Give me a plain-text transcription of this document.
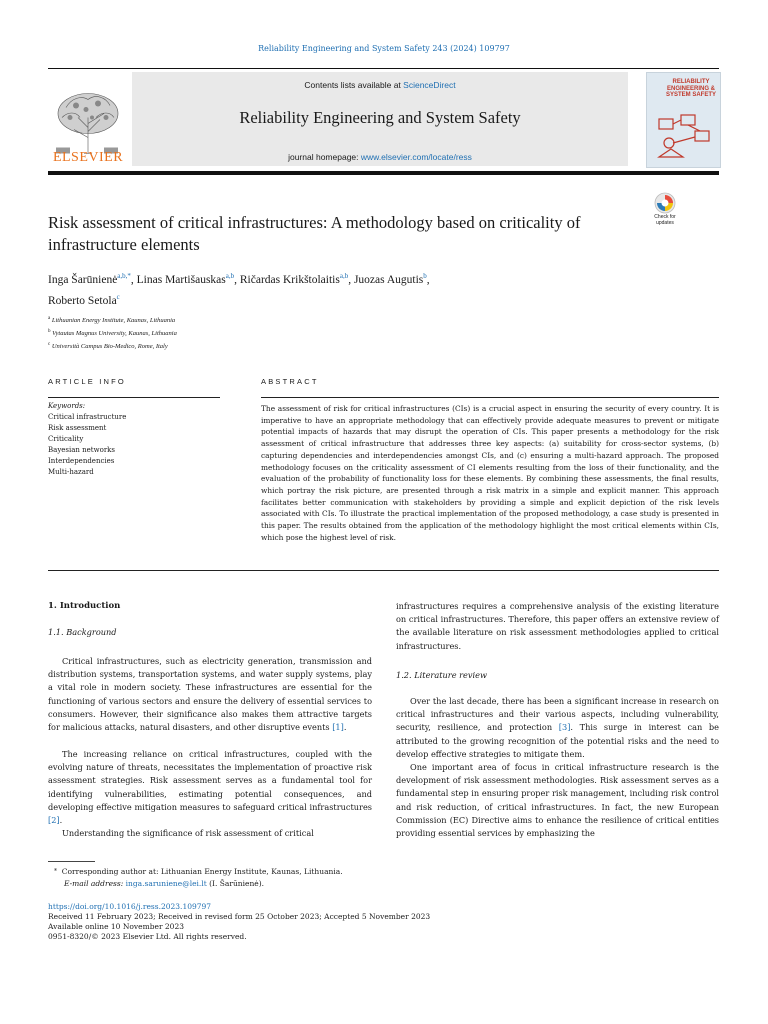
Reliability Engineering and System Safety 243 (2024) 109797
ELSEVIER
Contents lists available at ScienceDirect
Reliability Engineering and System Safety
journal homepage: www.elsevier.com/locate/ress
RELIABILITY ENGINEERING & SYSTEM SAFETY
Risk assessment of critical infrastructures: A methodology based on criticality of infrastructure elements
Check for updates
Inga Šarūnienė$^{a,b,*}$, Linas Martišauskas$^{a,b}$, Ričardas Krikštolaitis$^{a,b}$, Juozas Augutis$^b$,
Roberto Setola$^c$
$^a$ Lithuanian Energy Institute, Kaunas, Lithuania
$^b$ Vytautas Magnus University, Kaunas, Lithuania
$^c$ Università Campus Bio-Medico, Rome, Italy
ARTICLE INFO
Keywords:
Critical infrastructure
Risk assessment
Criticality
Bayesian networks
Interdependencies
Multi-hazard
ABSTRACT
The assessment of risk for critical infrastructures (CIs) is a crucial aspect in ensuring the security of every country. It is imperative to have an appropriate methodology that can effectively provide adequate measures to prevent or mitigate potential impacts of hazards that may disrupt the operation of CIs. This paper presents a methodology for the risk assessment of critical infrastructure that addresses three key aspects: (a) suitability for cross-sector systems, (b) capturing dependencies and interdependencies amongst CIs, and (c) ensuring a multi-hazard approach. The proposed methodology focuses on the criticality assessment of CI elements resulting from the loss of their functionality, and the evaluation of the probability of functionality loss for these elements. By combining these assessments, the final results, which portray the risk picture, are presented through a risk matrix in a simple and explicit manner. This approach facilitates better communication with stakeholders by providing a simple and explicit depiction of the risk levels associated with CIs. To illustrate the practical implementation of the proposed methodology, a case study is presented in this paper. The results obtained from the application of the methodology highlight the most critical elements within CIs, which pose the highest level of risk.
1. Introduction
1.1. Background
Critical infrastructures, such as electricity generation, transmission and distribution systems, transportation systems, and water supply systems, play a vital role in modern society. These infrastructures are essential for the functioning of various sectors and ensure the delivery of essential services to consumers. However, their significance also makes them attractive targets for malicious attacks, natural disasters, and other disruptive events [1].
The increasing reliance on critical infrastructures, coupled with the evolving nature of threats, necessitates the implementation of proactive risk assessment strategies. Risk assessment serves as a fundamental tool for identifying vulnerabilities, estimating potential consequences, and developing effective mitigation measures to safeguard critical infrastructures [2].
Understanding the significance of risk assessment of critical
infrastructures requires a comprehensive analysis of the existing literature on critical infrastructures. Therefore, this paper offers an extensive review of the available literature on risk assessment methodologies applied to critical infrastructures.
1.2. Literature review
Over the last decade, there has been a significant increase in research on critical infrastructures and their various aspects, including vulnerability, security, resilience, and protection [3]. This surge in interest can be attributed to the growing recognition of the potential risks and the need to develop effective strategies to mitigate them.
One important area of focus in critical infrastructure research is the development of risk assessment methodologies. Risk assessment serves as a fundamental step in ensuring proper risk management, including risk control and risk reduction, of critical infrastructures. In fact, the new European Commission (EC) Directive aims to enhance the resilience of critical entities providing essential services by emphasizing the
* Corresponding author at: Lithuanian Energy Institute, Kaunas, Lithuania.
E-mail address: inga.saruniene@lei.lt (I. Šarūnienė).
https://doi.org/10.1016/j.ress.2023.109797
Received 11 February 2023; Received in revised form 25 October 2023; Accepted 5 November 2023
Available online 10 November 2023
0951-8320/© 2023 Elsevier Ltd. All rights reserved.
